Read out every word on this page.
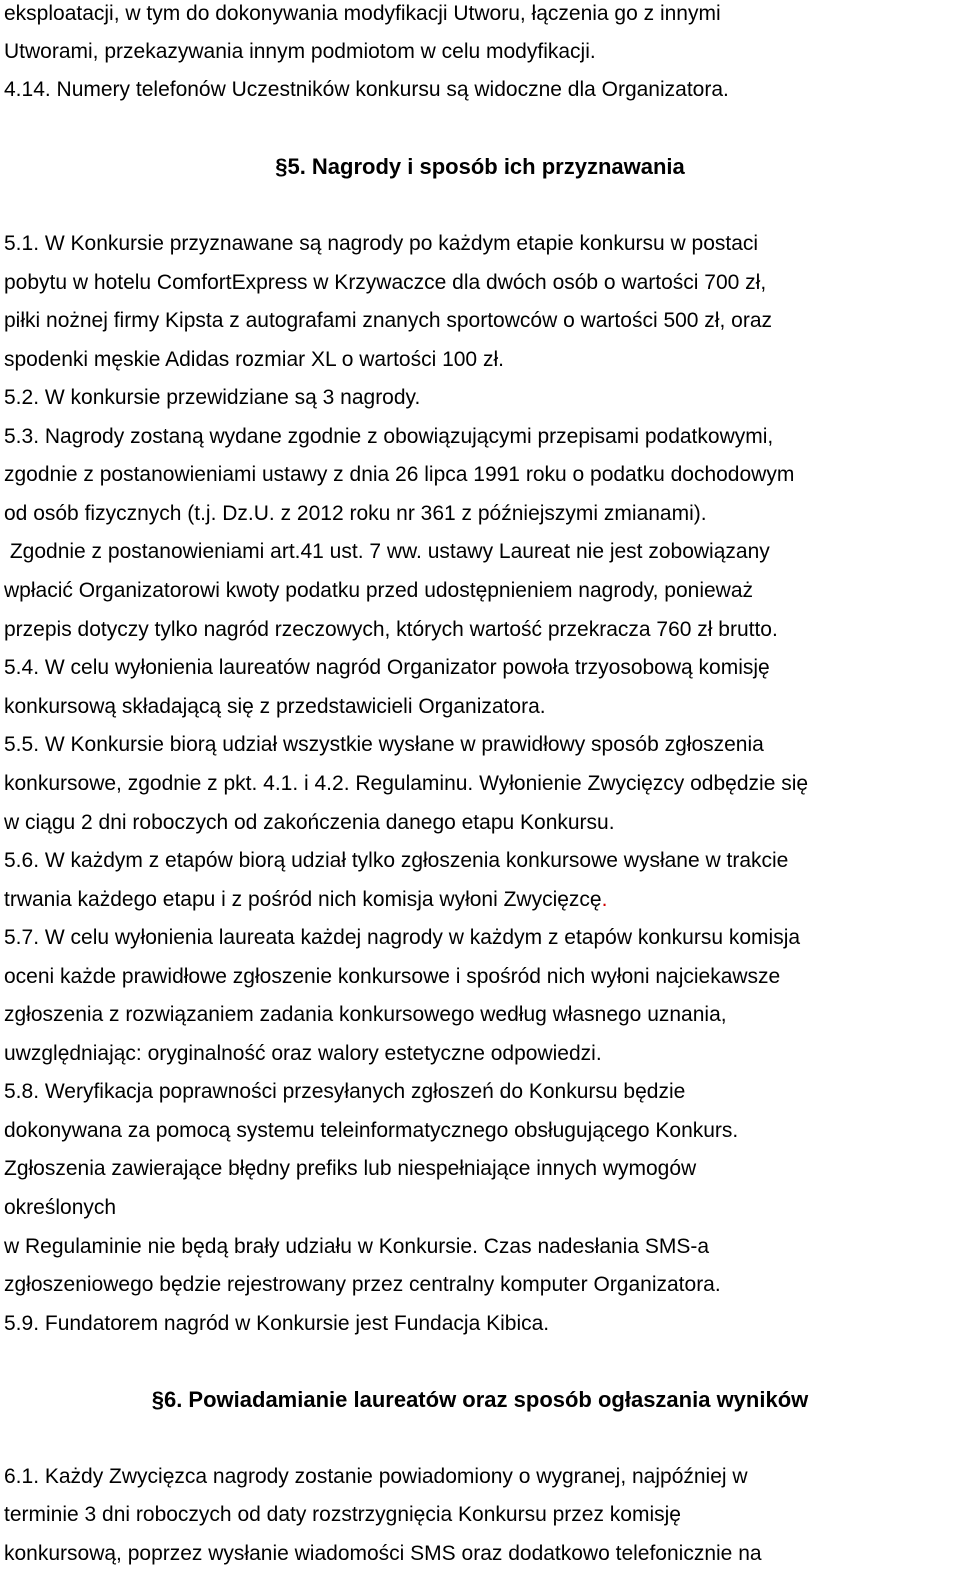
eksploatacji, w tym do dokonywania modyfikacji Utworu, łączenia go z innymi
Utworami, przekazywania innym podmiotom w celu modyfikacji.
4.14. Numery telefonów Uczestników konkursu są widoczne dla Organizatora.
§5. Nagrody i sposób ich przyznawania
5.1. W Konkursie przyznawane są nagrody po każdym etapie konkursu w postaci
pobytu w hotelu ComfortExpress w Krzywaczce dla dwóch osób o wartości 700 zł,
piłki nożnej firmy Kipsta z autografami znanych sportowców o wartości 500 zł, oraz
spodenki męskie Adidas rozmiar XL o wartości 100 zł.
5.2. W konkursie przewidziane są 3 nagrody.
5.3. Nagrody zostaną wydane zgodnie z obowiązującymi przepisami podatkowymi,
zgodnie z postanowieniami ustawy z dnia 26 lipca 1991 roku o podatku dochodowym
od osób fizycznych (t.j. Dz.U. z 2012 roku nr 361 z późniejszymi zmianami).
Zgodnie z postanowieniami art.41 ust. 7 ww. ustawy Laureat nie jest zobowiązany
wpłacić Organizatorowi kwoty podatku przed udostępnieniem nagrody, ponieważ
przepis dotyczy tylko nagród rzeczowych, których wartość przekracza 760 zł brutto.
5.4. W celu wyłonienia laureatów nagród Organizator powoła trzyosobową komisję
konkursową składającą się z przedstawicieli Organizatora.
5.5. W Konkursie biorą udział wszystkie wysłane w prawidłowy sposób zgłoszenia
konkursowe, zgodnie z pkt. 4.1. i 4.2. Regulaminu. Wyłonienie Zwycięzcy odbędzie się
w ciągu 2 dni roboczych od zakończenia danego etapu Konkursu.
5.6. W każdym z etapów biorą udział tylko zgłoszenia konkursowe wysłane w trakcie
trwania każdego etapu i z pośród nich komisja wyłoni Zwycięzcę.
5.7. W celu wyłonienia laureata każdej nagrody w każdym z etapów konkursu komisja
oceni każde prawidłowe zgłoszenie konkursowe i spośród nich wyłoni najciekawsze
zgłoszenia z rozwiązaniem zadania konkursowego według własnego uznania,
uwzględniając: oryginalność oraz walory estetyczne odpowiedzi.
5.8. Weryfikacja poprawności przesyłanych zgłoszeń do Konkursu będzie
dokonywana za pomocą systemu teleinformatycznego obsługującego Konkurs.
Zgłoszenia zawierające błędny prefiks lub niespełniające innych wymogów
określonych
w Regulaminie nie będą brały udziału w Konkursie. Czas nadesłania SMS-a
zgłoszeniowego będzie rejestrowany przez centralny komputer Organizatora.
5.9. Fundatorem nagród w Konkursie jest Fundacja Kibica.
§6. Powiadamianie laureatów oraz sposób ogłaszania wyników
6.1. Każdy Zwycięzca nagrody zostanie powiadomiony o wygranej, najpóźniej w
terminie 3 dni roboczych od daty rozstrzygnięcia Konkursu przez komisję
konkursową, poprzez wysłanie wiadomości SMS oraz dodatkowo telefonicznie na
